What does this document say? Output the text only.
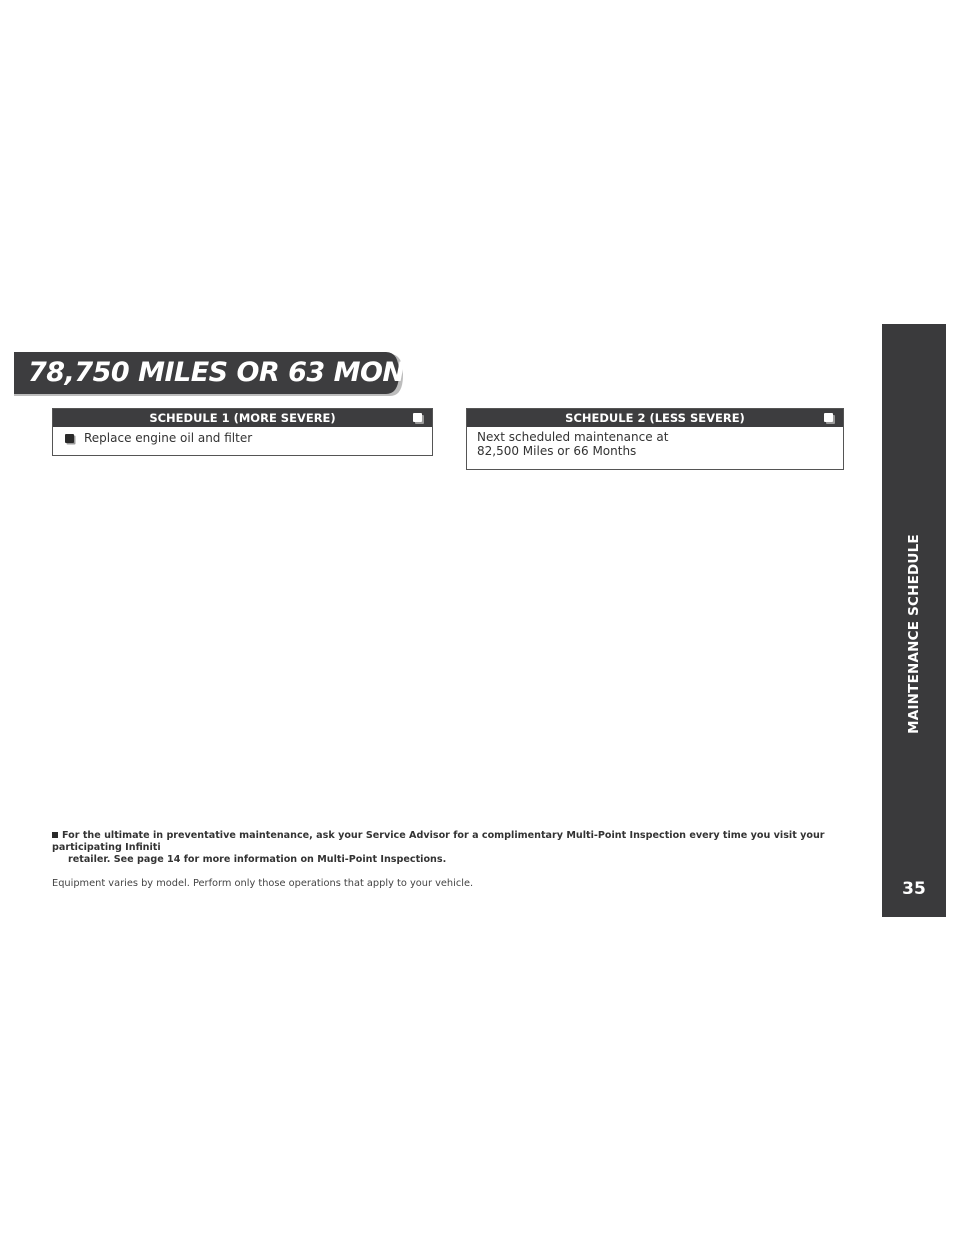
78,750 MILES OR 63 MONTHS
SCHEDULE 1 (MORE SEVERE)
Replace engine oil and filter
SCHEDULE 2 (LESS SEVERE)
Next scheduled maintenance at
82,500 Miles or 66 Months
For the ultimate in preventative maintenance, ask your Service Advisor for a complimentary Multi-Point Inspection every time you visit your participating Infiniti
retailer. See page 14 for more information on Multi-Point Inspections.
Equipment varies by model. Perform only those operations that apply to your vehicle.
MAINTENANCE SCHEDULE
35
